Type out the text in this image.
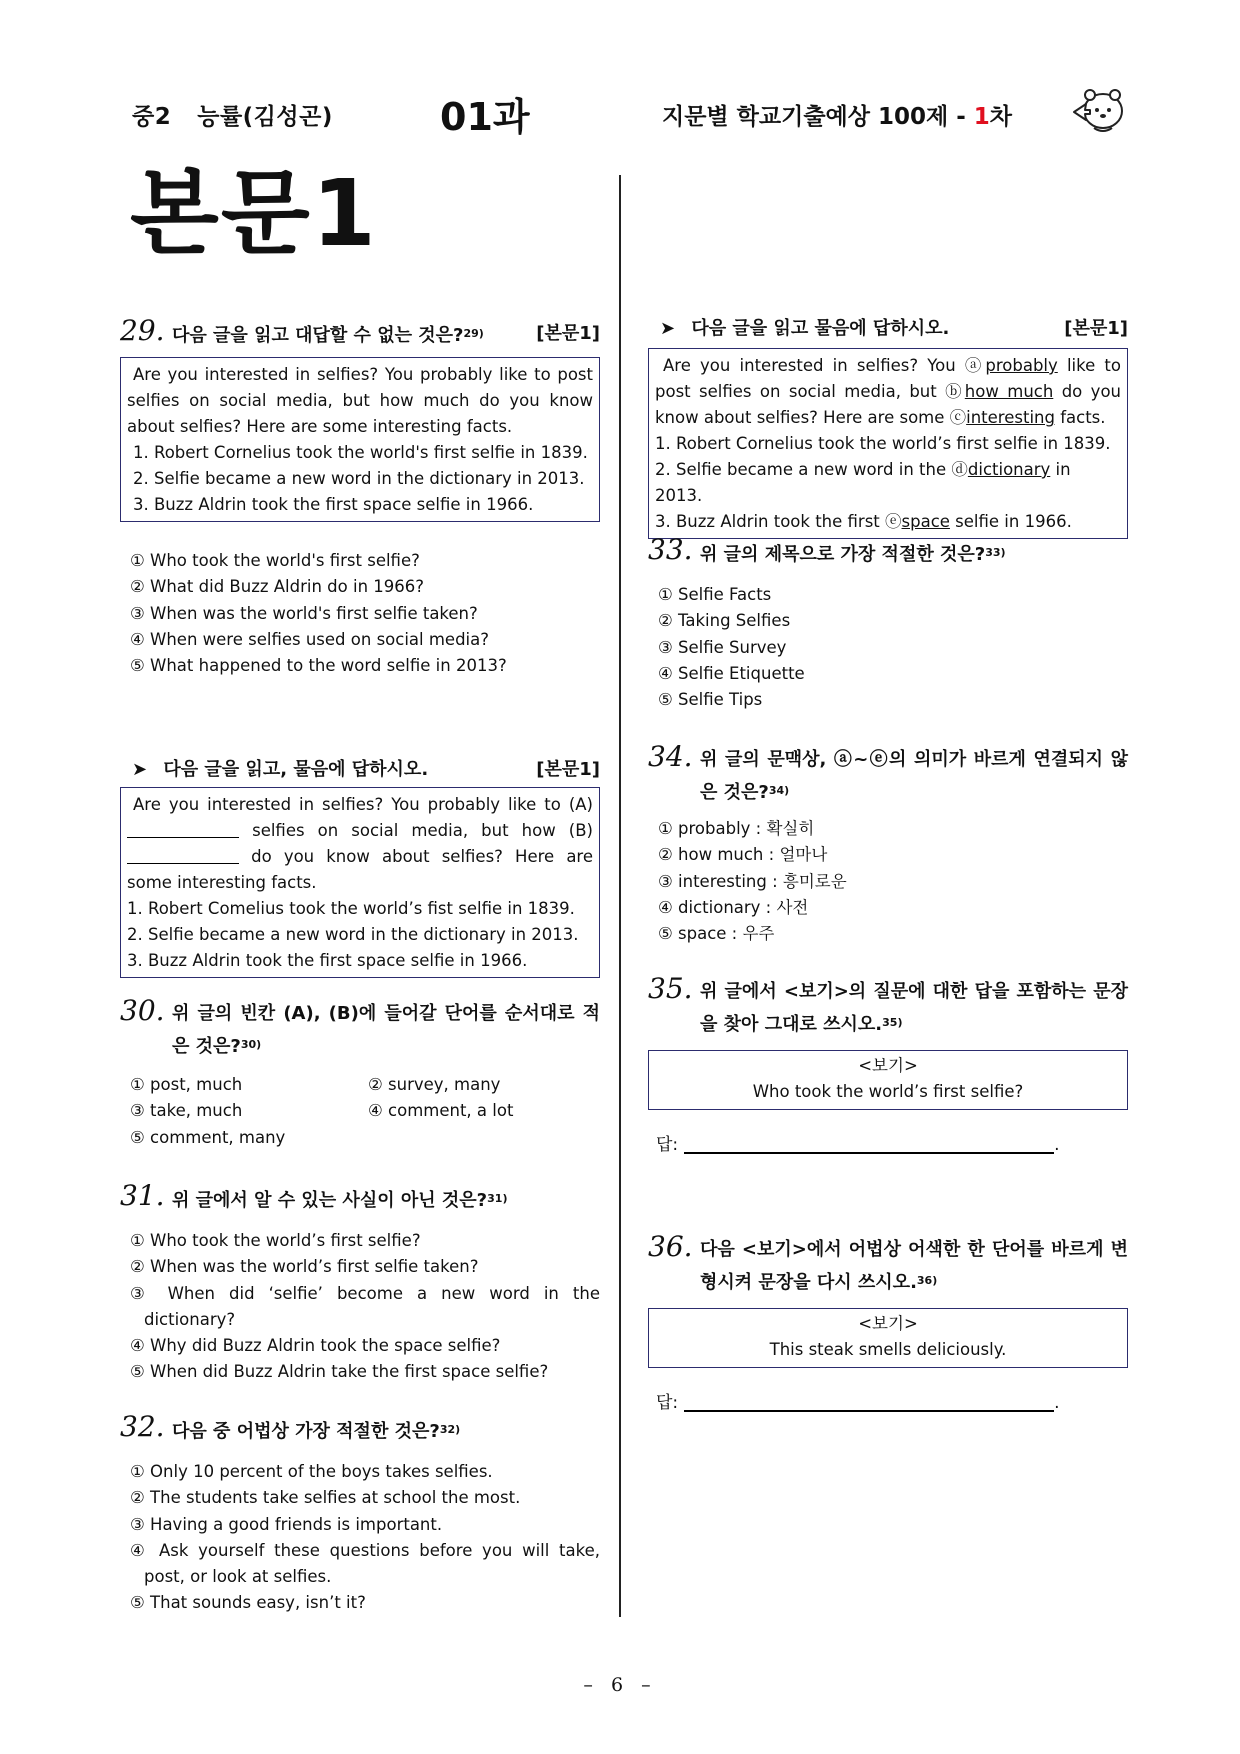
중2 능률(김성곤)	01과	지문별 학교기출예상 100제 - 1차
본문1
29. 다음 글을 읽고 대답할 수 없는 것은?$^{29)}$	[본문1]

Are you interested in selfies? You probably like to post selfies on social media, but how much do you know about selfies? Here are some interesting facts.

1. Robert Cornelius took the world's first selfie in 1839.
2. Selfie became a new word in the dictionary in 2013.
3. Buzz Aldrin took the first space selfie in 1966.
① Who took the world's first selfie?
② What did Buzz Aldrin do in 1966?
③ When was the world's first selfie taken?
④ When were selfies used on social media?
⑤ What happened to the word selfie in 2013?
➤ 다음 글을 읽고, 물음에 답하시오.	[본문1]

Are you interested in selfies? You probably like to (A) selfies on social media, but how (B) do you know about selfies? Here are some interesting facts.

1. Robert Comelius took the world’s fist selfie in 1839.
2. Selfie became a new word in the dictionary in 2013.
3. Buzz Aldrin took the first space selfie in 1966.
30. 위 글의 빈칸 (A), (B)에 들어갈 단어를 순서대로 적은 것은?$^{30)}$
① post, much	② survey, many
③ take, much	④ comment, a lot
⑤ comment, many
31. 위 글에서 알 수 있는 사실이 아닌 것은?$^{31)}$
① Who took the world’s first selfie?
② When was the world’s first selfie taken?
③ When did ‘selfie’ become a new word in the dictionary?
④ Why did Buzz Aldrin took the space selfie?
⑤ When did Buzz Aldrin take the first space selfie?
32. 다음 중 어법상 가장 적절한 것은?$^{32)}$
① Only 10 percent of the boys takes selfies.
② The students take selfies at school the most.
③ Having a good friends is important.
④ Ask yourself these questions before you will take, post, or look at selfies.
⑤ That sounds easy, isn’t it?
➤ 다음 글을 읽고 물음에 답하시오.	[본문1]

Are you interested in selfies? You ⓐprobably like to post selfies on social media, but ⓑhow much do you know about selfies? Here are some ⓒinteresting facts.

1. Robert Cornelius took the world’s first selfie in 1839.
2. Selfie became a new word in the ⓓdictionary in 2013.
3. Buzz Aldrin took the first ⓔspace selfie in 1966.
33. 위 글의 제목으로 가장 적절한 것은?$^{33)}$
① Selfie Facts
② Taking Selfies
③ Selfie Survey
④ Selfie Etiquette
⑤ Selfie Tips
34. 위 글의 문맥상, ⓐ~ⓔ의 의미가 바르게 연결되지 않은 것은?$^{34)}$
① probably : 확실히
② how much : 얼마나
③ interesting : 흥미로운
④ dictionary : 사전
⑤ space : 우주
35. 위 글에서 <보기>의 질문에 대한 답을 포함하는 문장을 찾아 그대로 쓰시오.$^{35)}$
<보기>
Who took the world’s first selfie?
답:	.
36. 다음 <보기>에서 어법상 어색한 한 단어를 바르게 변형시켜 문장을 다시 쓰시오.$^{36)}$
<보기>
This steak smells deliciously.
답:	.
– 6 –
